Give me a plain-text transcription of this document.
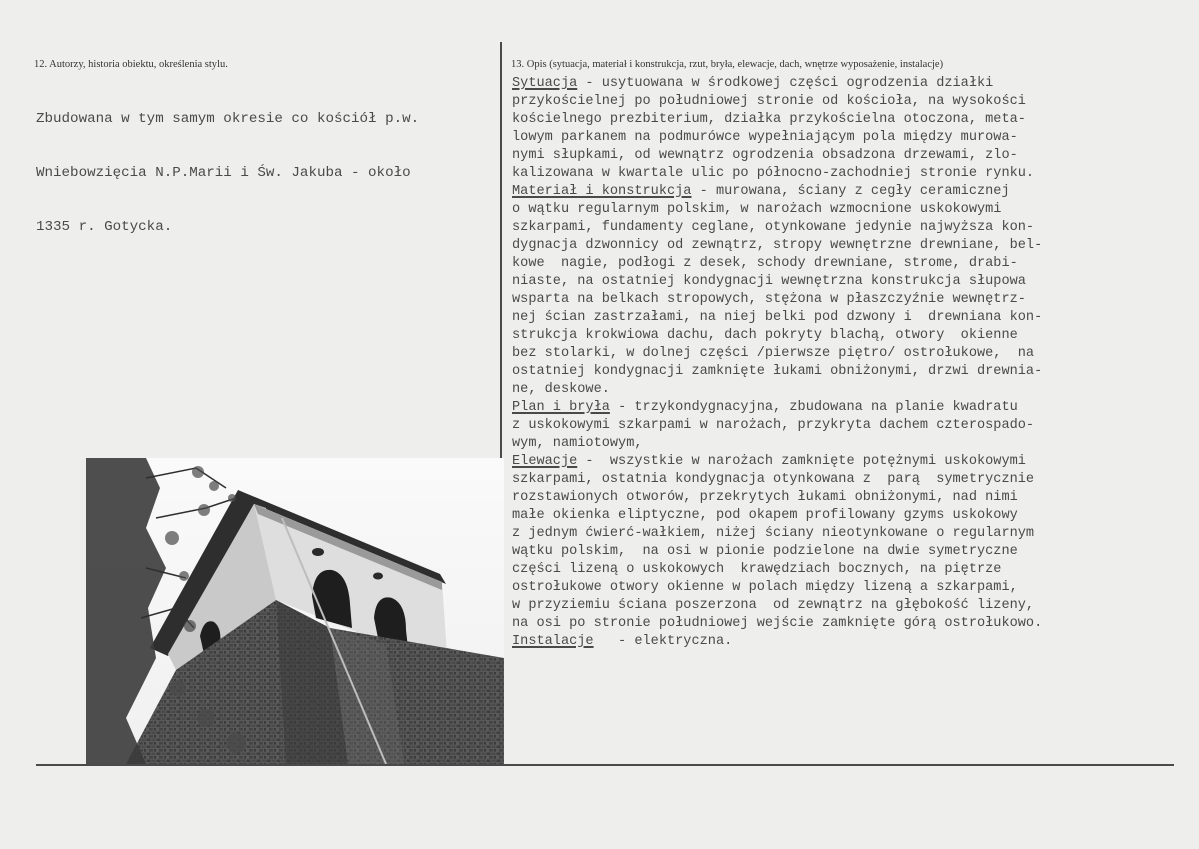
12. Autorzy, historia obiektu, określenia stylu.

Zbudowana w tym samym okresie co kościół p.w.

Wniebowzięcia N.P.Marii i Św. Jakuba - około

1335 r. Gotycka.

13. Opis (sytuacja, materiał i konstrukcja, rzut, bryła, elewacje, dach, wnętrze wyposażenie, instalacje)
Sytuacja - usytuowana w środkowej części ogrodzenia działki
przykościelnej po południowej stronie od kościoła, na wysokości
kościelnego prezbiterium, działka przykościelna otoczona, meta-
lowym parkanem na podmurówce wypełniającym pola między murowa-
nymi słupkami, od wewnątrz ogrodzenia obsadzona drzewami, zlo-
kalizowana w kwartale ulic po północno-zachodniej stronie rynku.
Materiał i konstrukcja - murowana, ściany z cegły ceramicznej
o wątku regularnym polskim, w narożach wzmocnione uskokowymi
szkarpami, fundamenty ceglane, otynkowane jedynie najwyższa kon-
dygnacja dzwonnicy od zewnątrz, stropy wewnętrzne drewniane, bel-
kowe  nagie, podłogi z desek, schody drewniane, strome, drabi-
niaste, na ostatniej kondygnacji wewnętrzna konstrukcja słupowa
wsparta na belkach stropowych, stężona w płaszczyźnie wewnętrz-
nej ścian zastrzałami, na niej belki pod dzwony i  drewniana kon-
strukcja krokwiowa dachu, dach pokryty blachą, otwory  okienne
bez stolarki, w dolnej części /pierwsze piętro/ ostrołukowe,  na
ostatniej kondygnacji zamknięte łukami obniżonymi, drzwi drewnia-
ne, deskowe.
Plan i bryła - trzykondygnacyjna, zbudowana na planie kwadratu
z uskokowymi szkarpami w narożach, przykryta dachem czterospado-
wym, namiotowym,
Elewacje -  wszystkie w narożach zamknięte potężnymi uskokowymi
szkarpami, ostatnia kondygnacja otynkowana z  parą  symetrycznie
rozstawionych otworów, przekrytych łukami obniżonymi, nad nimi
małe okienka eliptyczne, pod okapem profilowany gzyms uskokowy
z jednym ćwierć-wałkiem, niżej ściany nieotynkowane o regularnym
wątku polskim,  na osi w pionie podzielone na dwie symetryczne
części lizeną o uskokowych  krawędziach bocznych, na piętrze
ostrołukowe otwory okienne w polach między lizeną a szkarpami,
w przyziemiu ściana poszerzona  od zewnątrz na głębokość lizeny,
na osi po stronie południowej wejście zamknięte górą ostrołukowo.
Instalacje   - elektryczna.
